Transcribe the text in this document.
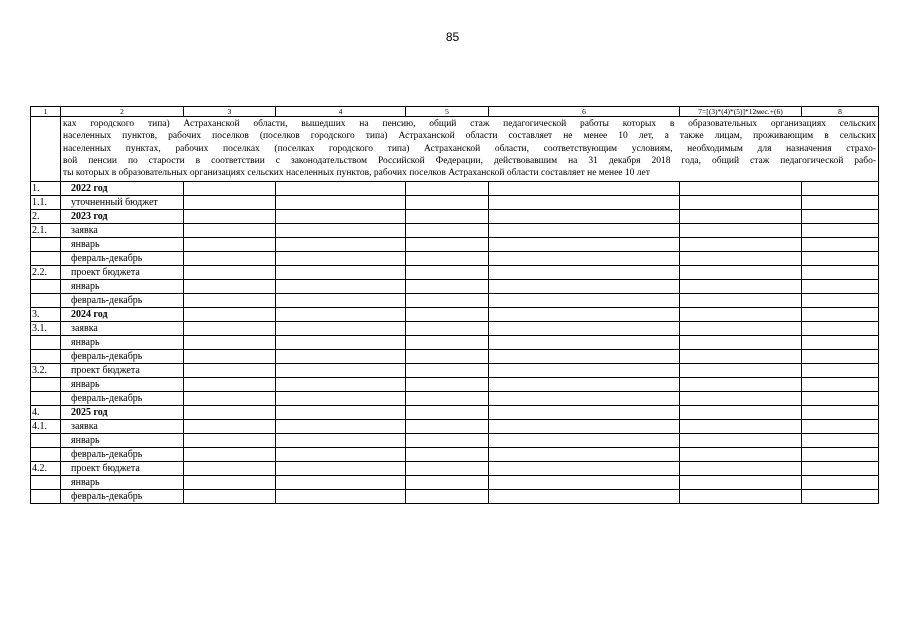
85
1	2	3	4	5	6	7=[(3)*(4)*(5)]*12мес.+(6)	8

	ках городского типа) Астраханской области, вышедших на пенсию, общий стаж педагогической работы которых в образовательных организациях сельских
населенных пунктов, рабочих поселков (поселков городского типа) Астраханской области составляет не менее 10 лет, а также лицам, проживающим в сельских
населенных пунктах, рабочих поселках (поселках городского типа) Астраханской области, соответствующим условиям, необходимым для назначения страхо-
вой пенсии по старости в соответствии с законодательством Российской Федерации, действовавшим на 31 декабря 2018 года, общий стаж педагогической рабо-
ты которых в образовательных организациях сельских населенных пунктов, рабочих поселков Астраханской области составляет не менее 10 лет						

1.	2022 год						
1.1.	уточненный бюджет						
2.	2023 год						
2.1.	заявка						
	январь						
	февраль-декабрь						
2.2.	проект бюджета						
	январь						
	февраль-декабрь						
3.	2024 год						
3.1.	заявка						
	январь						
	февраль-декабрь						
3.2.	проект бюджета						
	январь						
	февраль-декабрь						
4.	2025 год						
4.1.	заявка						
	январь						
	февраль-декабрь						
4.2.	проект бюджета						
	январь						
	февраль-декабрь						
